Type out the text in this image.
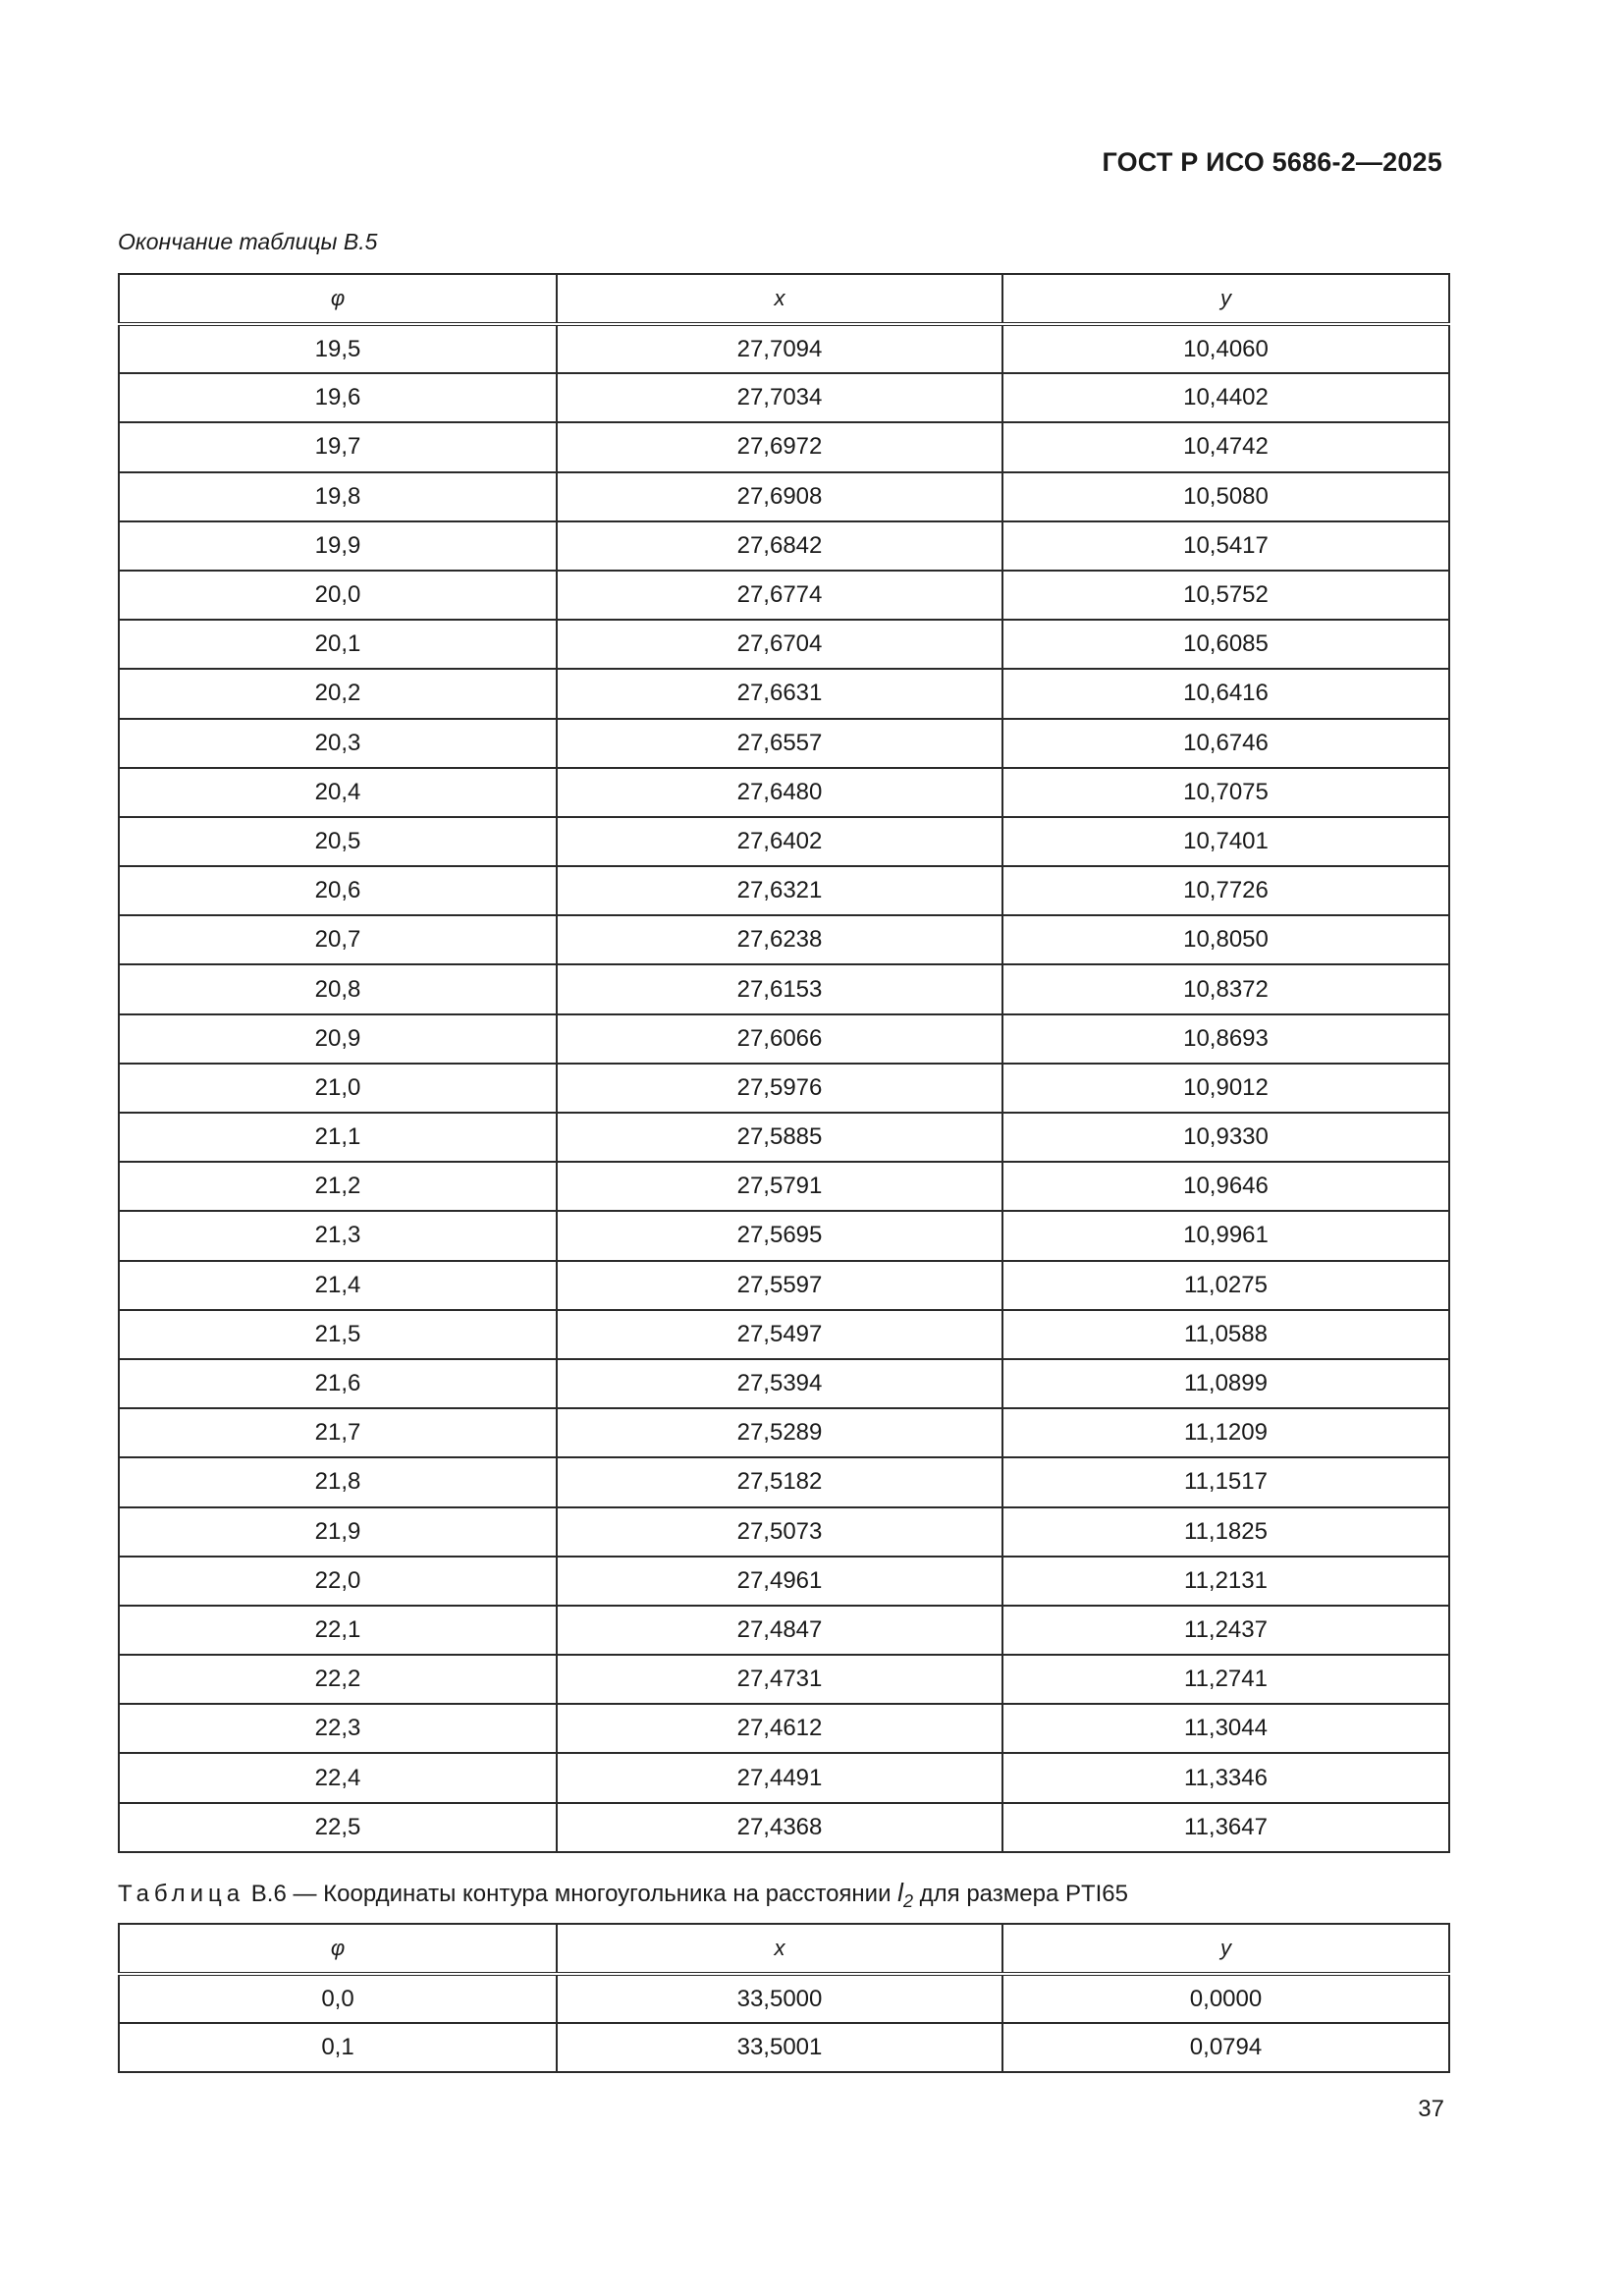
ГОСТ Р ИСО 5686-2—2025
Окончание таблицы В.5
φ	x	y
19,5	27,7094	10,4060
19,6	27,7034	10,4402
19,7	27,6972	10,4742
19,8	27,6908	10,5080
19,9	27,6842	10,5417
20,0	27,6774	10,5752
20,1	27,6704	10,6085
20,2	27,6631	10,6416
20,3	27,6557	10,6746
20,4	27,6480	10,7075
20,5	27,6402	10,7401
20,6	27,6321	10,7726
20,7	27,6238	10,8050
20,8	27,6153	10,8372
20,9	27,6066	10,8693
21,0	27,5976	10,9012
21,1	27,5885	10,9330
21,2	27,5791	10,9646
21,3	27,5695	10,9961
21,4	27,5597	11,0275
21,5	27,5497	11,0588
21,6	27,5394	11,0899
21,7	27,5289	11,1209
21,8	27,5182	11,1517
21,9	27,5073	11,1825
22,0	27,4961	11,2131
22,1	27,4847	11,2437
22,2	27,4731	11,2741
22,3	27,4612	11,3044
22,4	27,4491	11,3346
22,5	27,4368	11,3647
Таблица В.6 — Координаты контура многоугольника на расстоянии $l_2$ для размера PTI65
φ	x	y
0,0	33,5000	0,0000
0,1	33,5001	0,0794
37
